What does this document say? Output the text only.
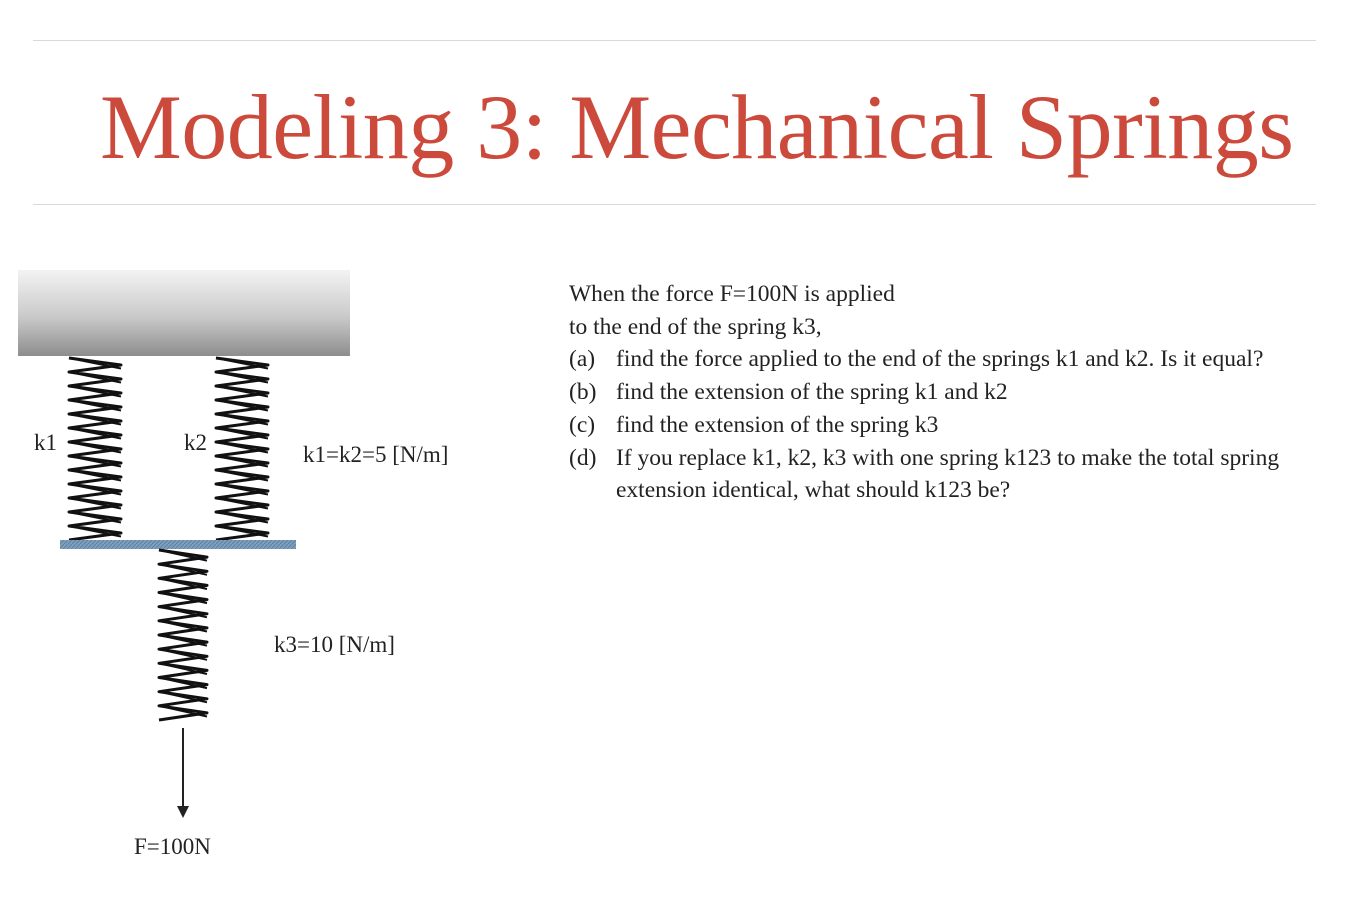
Modeling 3: Mechanical Springs
k1	k2	k1=k2=5 [N/m]
k3=10 [N/m]
F=100N
When the force F=100N is applied
to the end of the spring k3,
(a) find the force applied to the end of the springs k1 and k2. Is it equal?
(b) find the extension of the spring k1 and k2
(c) find the extension of the spring k3
(d) If you replace k1, k2, k3 with one spring k123 to make the total spring extension identical, what should k123 be?
